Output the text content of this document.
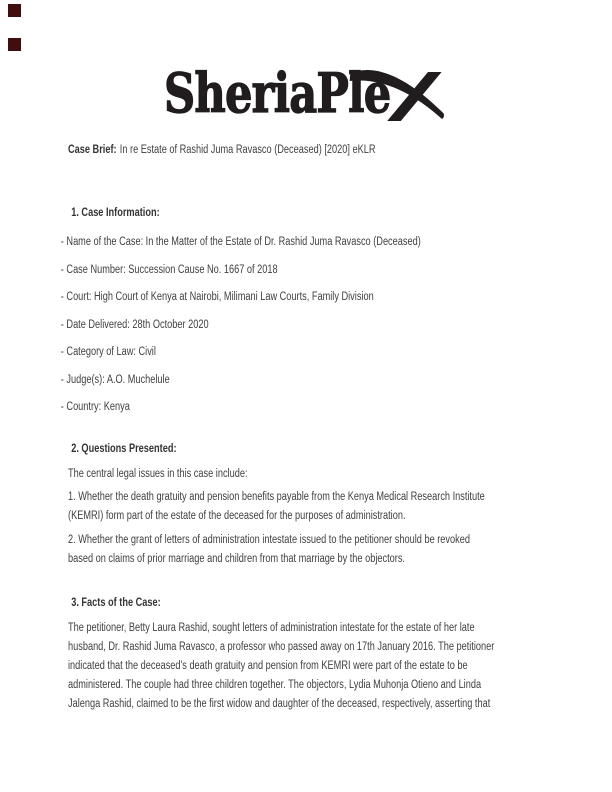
SheriaPle

Case Brief: In re Estate of Rashid Juma Ravasco (Deceased) [2020] eKLR

1. Case Information:
- Name of the Case: In the Matter of the Estate of Dr. Rashid Juma Ravasco (Deceased)
- Case Number: Succession Cause No. 1667 of 2018
- Court: High Court of Kenya at Nairobi, Milimani Law Courts, Family Division
- Date Delivered: 28th October 2020
- Category of Law: Civil
- Judge(s): A.O. Muchelule
- Country: Kenya
2. Questions Presented:
The central legal issues in this case include:
1. Whether the death gratuity and pension benefits payable from the Kenya Medical Research Institute
(KEMRI) form part of the estate of the deceased for the purposes of administration.
2. Whether the grant of letters of administration intestate issued to the petitioner should be revoked
based on claims of prior marriage and children from that marriage by the objectors.
3. Facts of the Case:
The petitioner, Betty Laura Rashid, sought letters of administration intestate for the estate of her late
husband, Dr. Rashid Juma Ravasco, a professor who passed away on 17th January 2016. The petitioner
indicated that the deceased's death gratuity and pension from KEMRI were part of the estate to be
administered. The couple had three children together. The objectors, Lydia Muhonja Otieno and Linda
Jalenga Rashid, claimed to be the first widow and daughter of the deceased, respectively, asserting that
